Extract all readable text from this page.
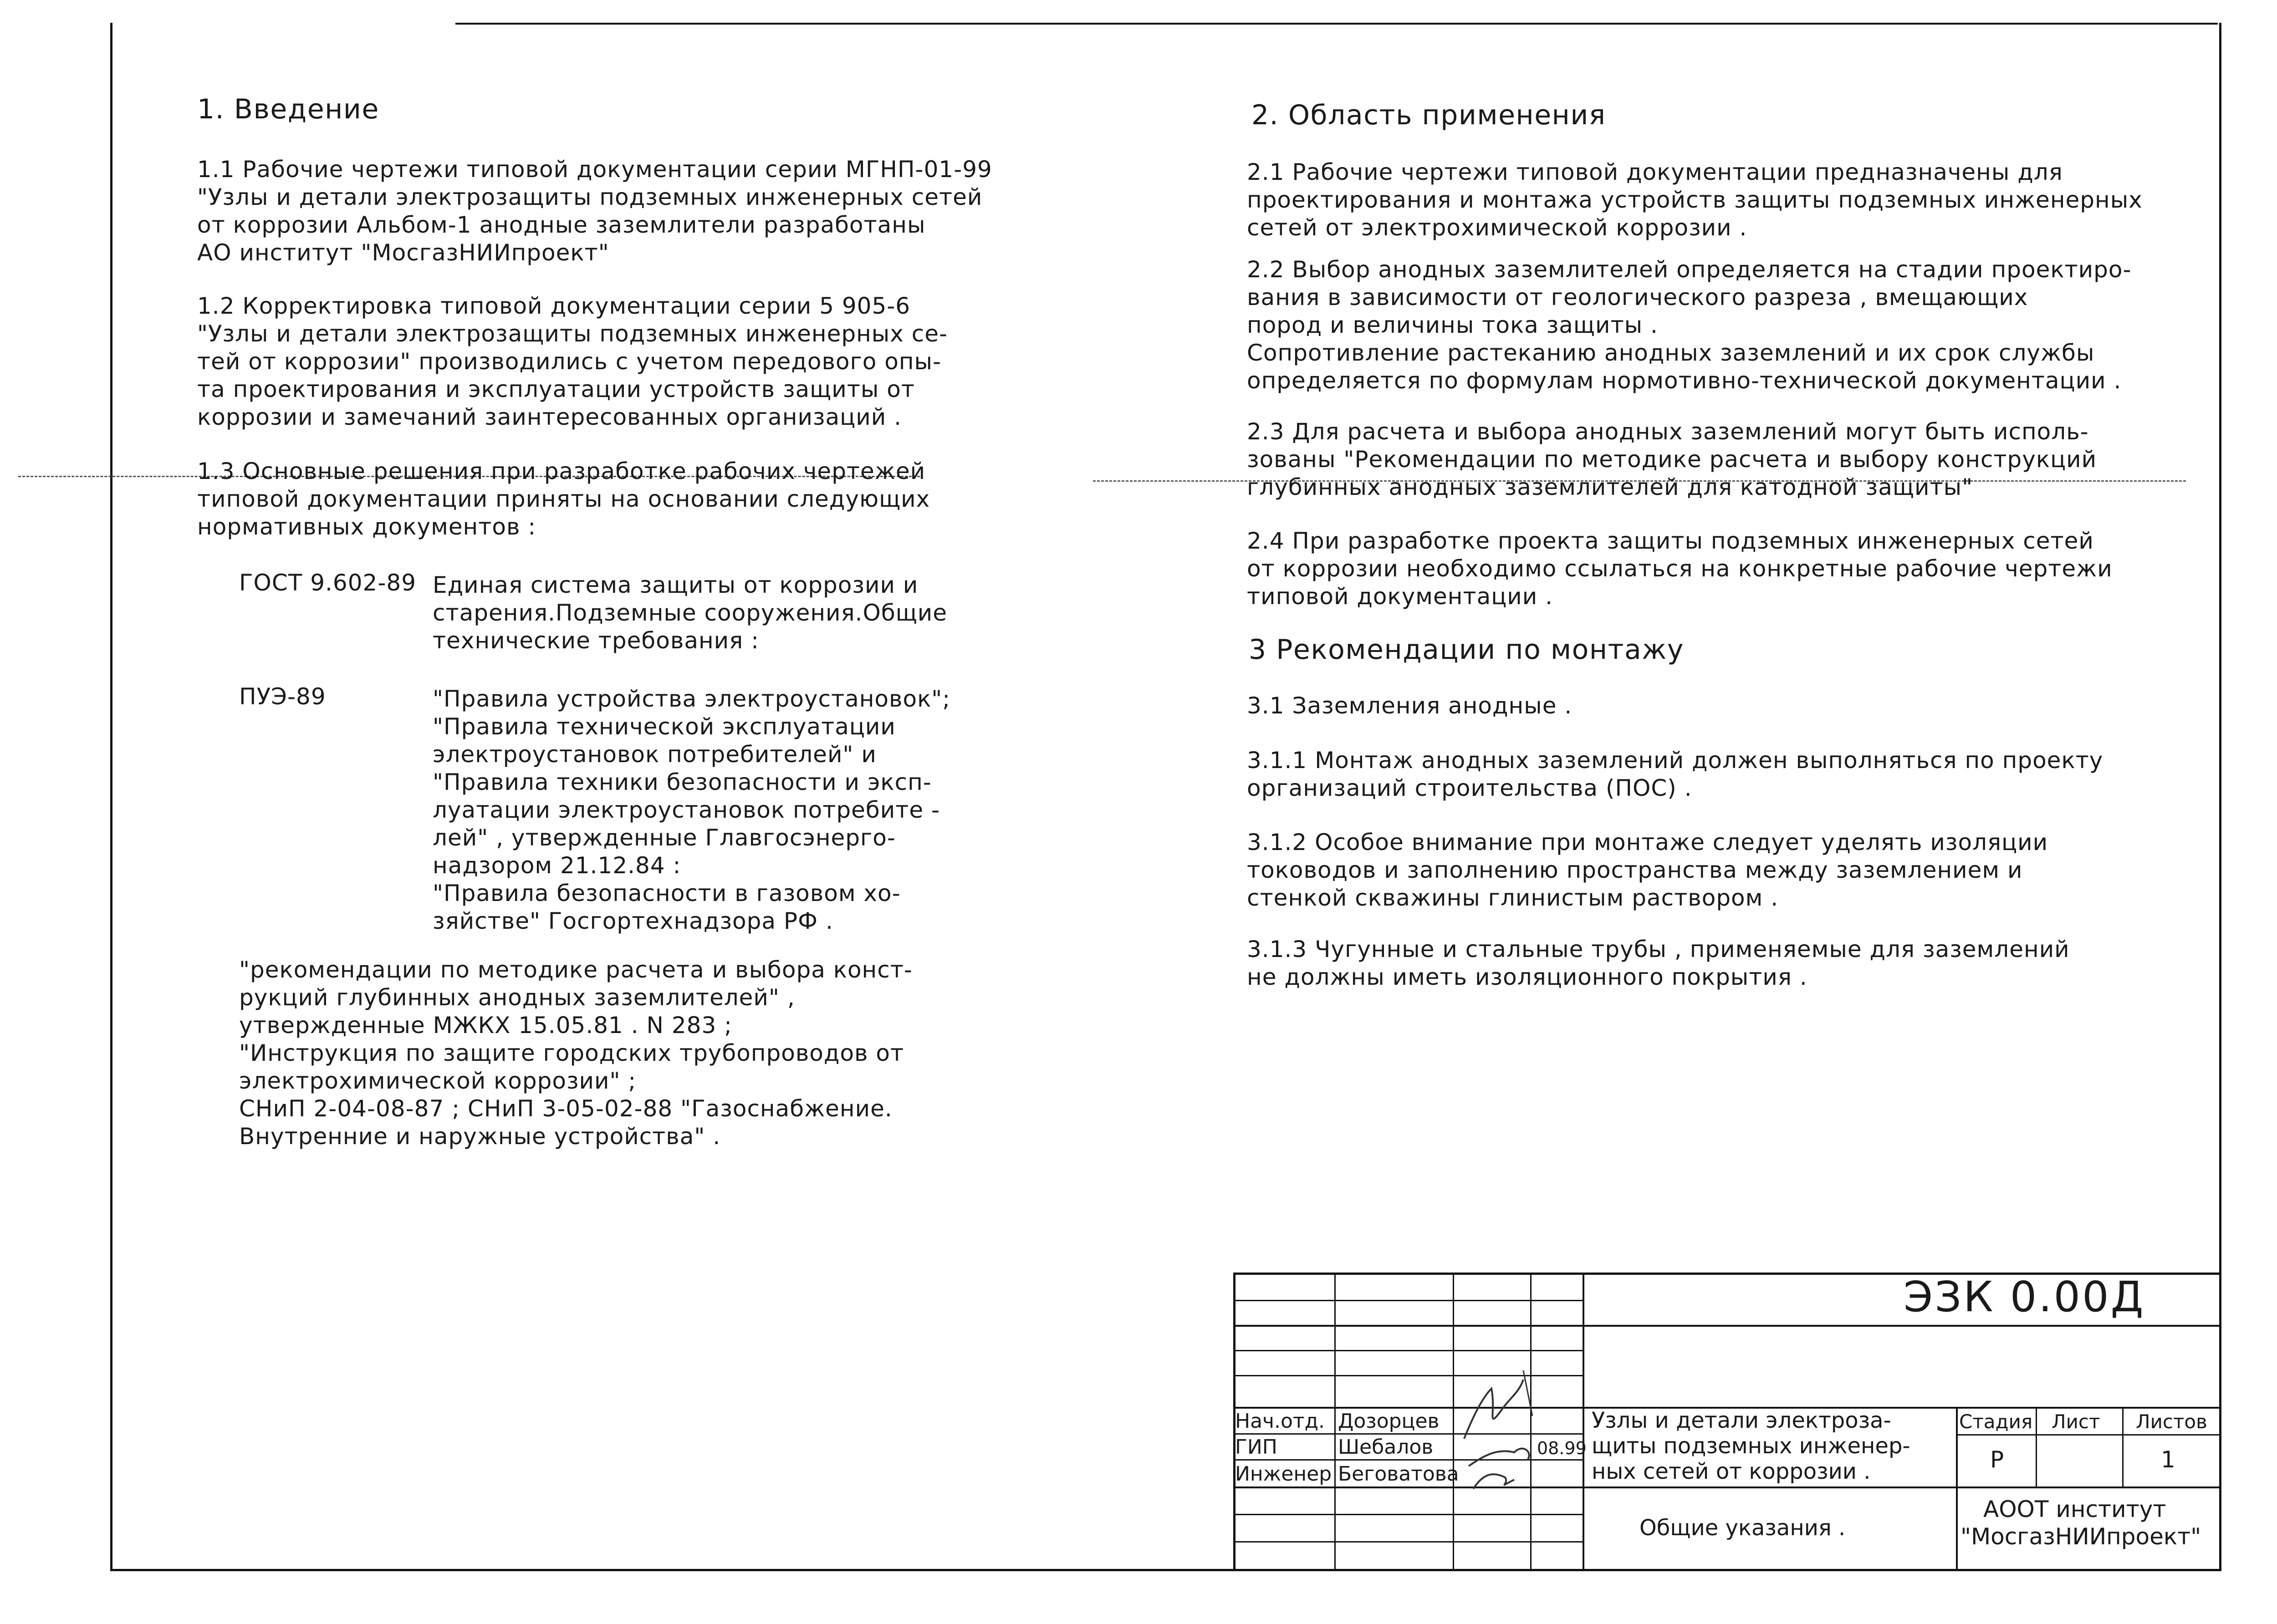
1. Введение

1.1 Рабочие чертежи типовой документации серии МГНП-01-99

"Узлы и детали электрозащиты подземных инженерных сетей

от коррозии Альбом-1 анодные заземлители разработаны

АО институт "МосгазНИИпроект"

1.2 Корректировка типовой документации серии 5 905-6

"Узлы и детали электрозащиты подземных инженерных се-

тей от коррозии" производились с учетом передового опы-

та проектирования и эксплуатации устройств защиты от

коррозии и замечаний заинтересованных организаций .

1.3 Основные решения при разработке рабочих чертежей

типовой документации приняты на основании следующих

нормативных документов :

ГОСТ 9.602-89 Единая система защиты от коррозии и

старения.Подземные сооружения.Общие

технические требования :

ПУЭ-89	"Правила устройства электроустановок";

"Правила технической эксплуатации

электроустановок потребителей" и

"Правила техники безопасности и эксп-

луатации электроустановок потребите -

лей" , утвержденные Главгосэнерго-

надзором 21.12.84 :

"Правила безопасности в газовом хо-

зяйстве" Госгортехнадзора РФ .

"рекомендации по методике расчета и выбора конст-

рукций глубинных анодных заземлителей" ,

утвержденные МЖКХ 15.05.81 . N 283 ;

"Инструкция по защите городских трубопроводов от

электрохимической коррозии" ;

СНиП 2-04-08-87 ; СНиП 3-05-02-88 "Газоснабжение.

Внутренние и наружные устройства" .

2. Область применения

2.1 Рабочие чертежи типовой документации предназначены для

проектирования и монтажа устройств защиты подземных инженерных

сетей от электрохимической коррозии .

2.2 Выбор анодных заземлителей определяется на стадии проектиро-

вания в зависимости от геологического разреза , вмещающих

пород и величины тока защиты .

Сопротивление растеканию анодных заземлений и их срок службы

определяется по формулам нормотивно-технической документации .

2.3 Для расчета и выбора анодных заземлений могут быть исполь-

зованы "Рекомендации по методике расчета и выбору конструкций

глубинных анодных заземлителей для катодной защиты"

2.4 При разработке проекта защиты подземных инженерных сетей

от коррозии необходимо ссылаться на конкретные рабочие чертежи

типовой документации .

3 Рекомендации по монтажу
3.1 Заземления анодные .

3.1.1 Монтаж анодных заземлений должен выполняться по проекту

организаций строительства (ПОС) .

3.1.2 Особое внимание при монтаже следует уделять изоляции

тоководов и заполнению пространства между заземлением и

стенкой скважины глинистым раствором .

3.1.3 Чугунные и стальные трубы , применяемые для заземлений

не должны иметь изоляционного покрытия .

ЭЗК 0.00Д
Нач.отд.
ГИП
Инженер
Дозорцев
Шебалов
Беговатова
08.99
Узлы и детали электроза-
щиты подземных инженер-
ных сетей от коррозии .
Общие указания .
Стадия Лист Листов
Р	1
АООТ институт
"МосгазНИИпроект"
